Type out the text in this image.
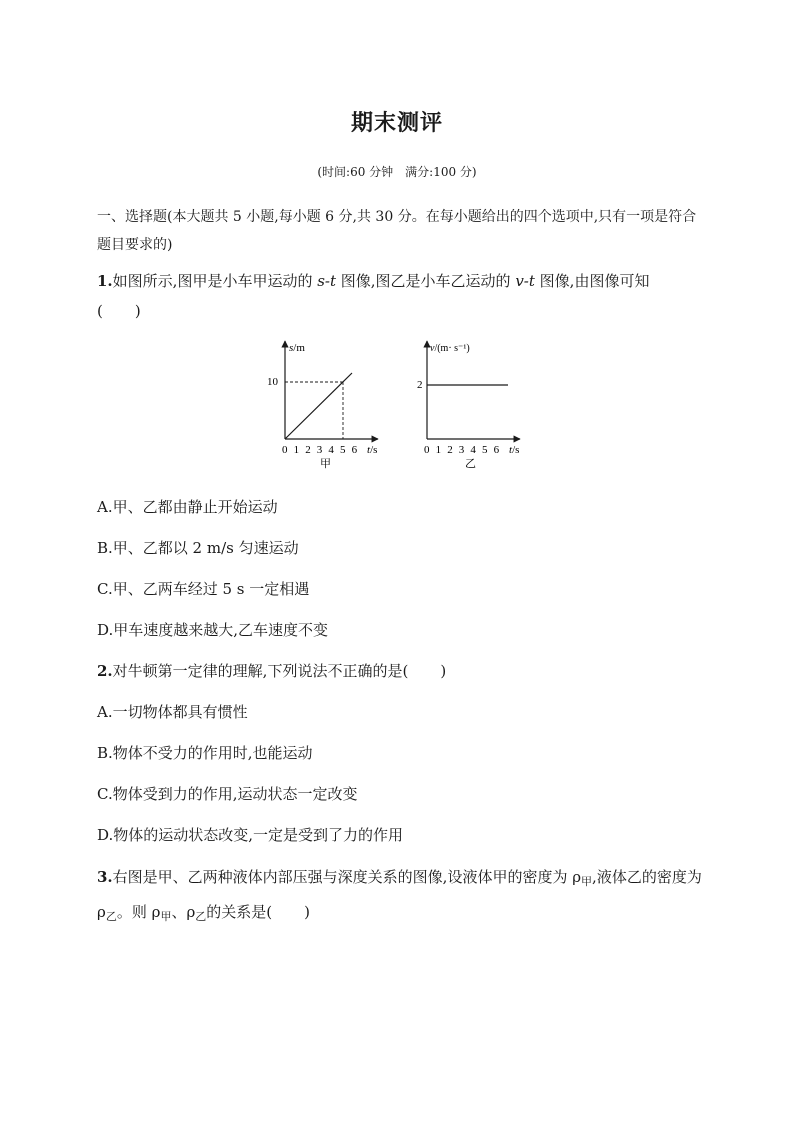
期末测评
(时间:60 分钟　满分:100 分)
一、选择题(本大题共 5 小题,每小题 6 分,共 30 分。在每小题给出的四个选项中,只有一项是符合题目要求的)
1.如图所示,图甲是小车甲运动的 s-t 图像,图乙是小车乙运动的 v-t 图像,由图像可知
( )
s/m
t/s
10
0 1 2 3 4 5 6
甲
v/(m· s⁻¹)
t/s
2
0 1 2 3 4 5 6
乙
A.甲、乙都由静止开始运动
B.甲、乙都以 2 m/s 匀速运动
C.甲、乙两车经过 5 s 一定相遇
D.甲车速度越来越大,乙车速度不变
2.对牛顿第一定律的理解,下列说法不正确的是( )
A.一切物体都具有惯性
B.物体不受力的作用时,也能运动
C.物体受到力的作用,运动状态一定改变
D.物体的运动状态改变,一定是受到了力的作用
3.右图是甲、乙两种液体内部压强与深度关系的图像,设液体甲的密度为 $\rho_甲$,液体乙的密度为 $\rho_乙$。则 $\rho_甲$、$\rho_乙$的关系是( )
